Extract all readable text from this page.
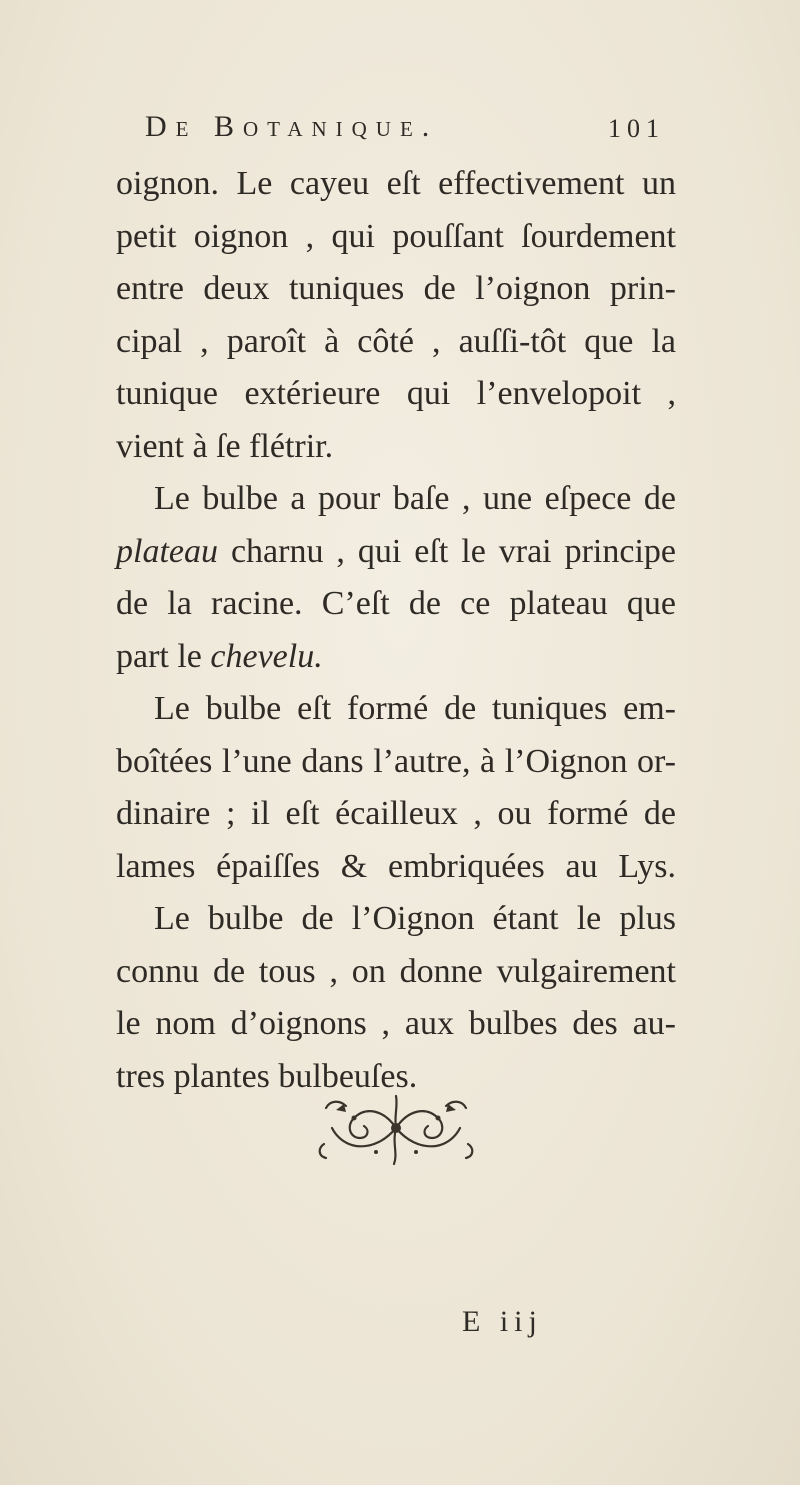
De Botanique.	101
oignon. Le cayeu eſt effectivement un
petit oignon , qui pouſſant ſourdement
entre deux tuniques de l’oignon prin-
cipal , paroît à côté , auſſi-tôt que la
tunique extérieure qui l’envelopoit ,
vient à ſe flétrir.
Le bulbe a pour baſe , une eſpece de
plateau charnu , qui eſt le vrai principe
de la racine. C’eſt de ce plateau que
part le chevelu.
Le bulbe eſt formé de tuniques em-
boîtées l’une dans l’autre, à l’Oignon or-
dinaire ; il eſt écailleux , ou formé de
lames épaiſſes & embriquées au Lys.
Le bulbe de l’Oignon étant le plus
connu de tous , on donne vulgairement
le nom d’oignons , aux bulbes des au-
tres plantes bulbeuſes.
E iij
